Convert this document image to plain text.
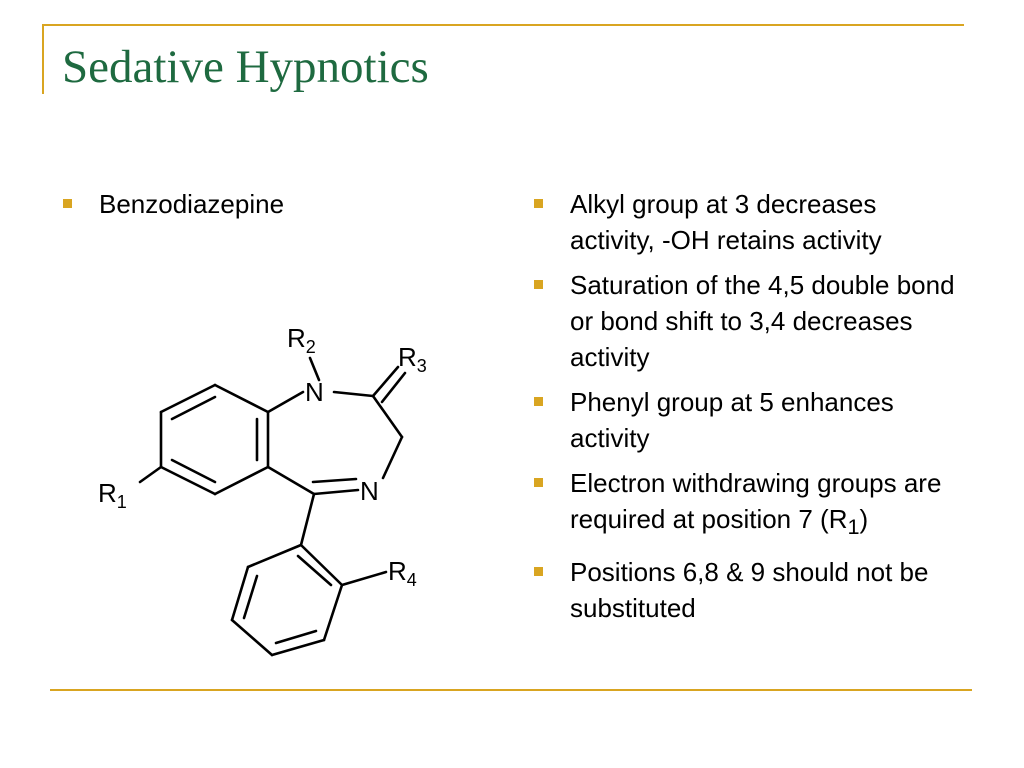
Sedative Hypnotics
Benzodiazepine	Alkyl group at 3 decreases activity, -OH retains activity
Saturation of the 4,5 double bond or bond shift to 3,4 decreases activity
Phenyl group at 5 enhances activity
Electron withdrawing groups are required at position 7 $(R_1)$
Positions 6,8 & 9 should not be substituted
N
N
$R_1$
$R_2$	$R_3$
$R_4$
